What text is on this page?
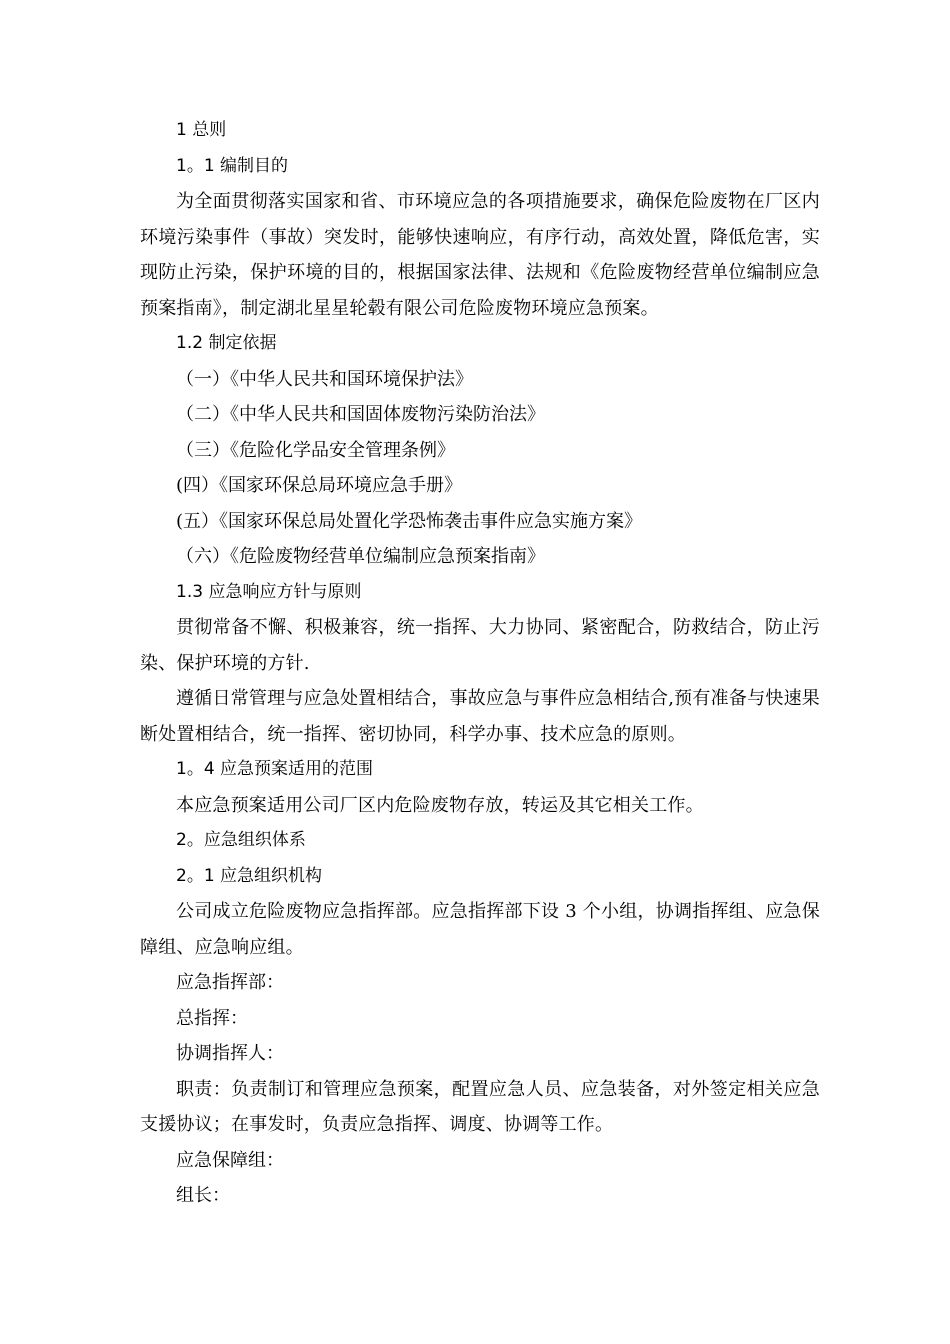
1 总则
1。1 编制目的
为全面贯彻落实国家和省、市环境应急的各项措施要求，确保危险废物在厂区内环境污染事件（事故）突发时，能够快速响应，有序行动，高效处置，降低危害，实现防止污染，保护环境的目的，根据国家法律、法规和《危险废物经营单位编制应急预案指南》，制定湖北星星轮毂有限公司危险废物环境应急预案。
1.2 制定依据
（一）《中华人民共和国环境保护法》
（二）《中华人民共和国固体废物污染防治法》
（三）《危险化学品安全管理条例》
(四）《国家环保总局环境应急手册》
(五）《国家环保总局处置化学恐怖袭击事件应急实施方案》
（六）《危险废物经营单位编制应急预案指南》
1.3 应急响应方针与原则
贯彻常备不懈、积极兼容，统一指挥、大力协同、紧密配合，防救结合，防止污染、保护环境的方针.
遵循日常管理与应急处置相结合，事故应急与事件应急相结合,预有准备与快速果断处置相结合，统一指挥、密切协同，科学办事、技术应急的原则。
1。4 应急预案适用的范围
本应急预案适用公司厂区内危险废物存放，转运及其它相关工作。
2。应急组织体系
2。1 应急组织机构
公司成立危险废物应急指挥部。应急指挥部下设 3 个小组，协调指挥组、应急保障组、应急响应组。
应急指挥部：
总指挥：
协调指挥人：
职责：负责制订和管理应急预案，配置应急人员、应急装备，对外签定相关应急支援协议；在事发时，负责应急指挥、调度、协调等工作。
应急保障组：
组长：
